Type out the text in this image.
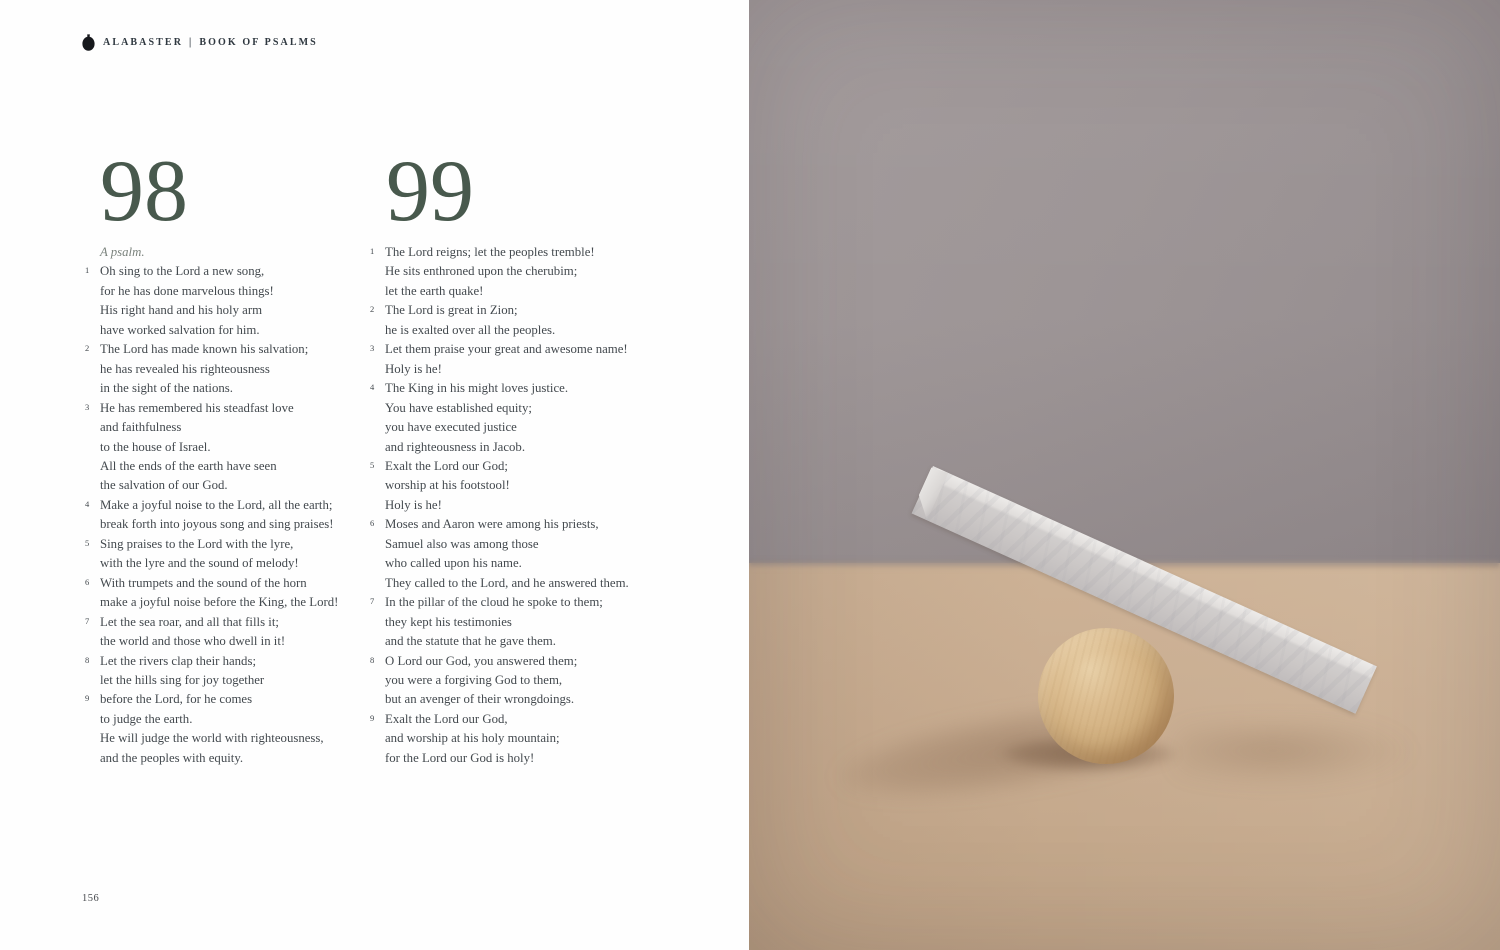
ALABASTER | BOOK OF PSALMS
98 99
A psalm.
1 Oh sing to the Lord a new song,
for he has done marvelous things!
His right hand and his holy arm
have worked salvation for him.
2 The Lord has made known his salvation;
he has revealed his righteousness
in the sight of the nations.
3 He has remembered his steadfast love
and faithfulness
to the house of Israel.
All the ends of the earth have seen
the salvation of our God.
4 Make a joyful noise to the Lord, all the earth;
break forth into joyous song and sing praises!
5 Sing praises to the Lord with the lyre,
with the lyre and the sound of melody!
6 With trumpets and the sound of the horn
make a joyful noise before the King, the Lord!
7 Let the sea roar, and all that fills it;
the world and those who dwell in it!
8 Let the rivers clap their hands;
let the hills sing for joy together
9 before the Lord, for he comes
to judge the earth.
He will judge the world with righteousness,
and the peoples with equity.
1 The Lord reigns; let the peoples tremble!
He sits enthroned upon the cherubim;
let the earth quake!
2 The Lord is great in Zion;
he is exalted over all the peoples.
3 Let them praise your great and awesome name!
Holy is he!
4 The King in his might loves justice.
You have established equity;
you have executed justice
and righteousness in Jacob.
5 Exalt the Lord our God;
worship at his footstool!
Holy is he!
6 Moses and Aaron were among his priests,
Samuel also was among those
who called upon his name.
They called to the Lord, and he answered them.
7 In the pillar of the cloud he spoke to them;
they kept his testimonies
and the statute that he gave them.
8 O Lord our God, you answered them;
you were a forgiving God to them,
but an avenger of their wrongdoings.
9 Exalt the Lord our God,
and worship at his holy mountain;
for the Lord our God is holy!
156
